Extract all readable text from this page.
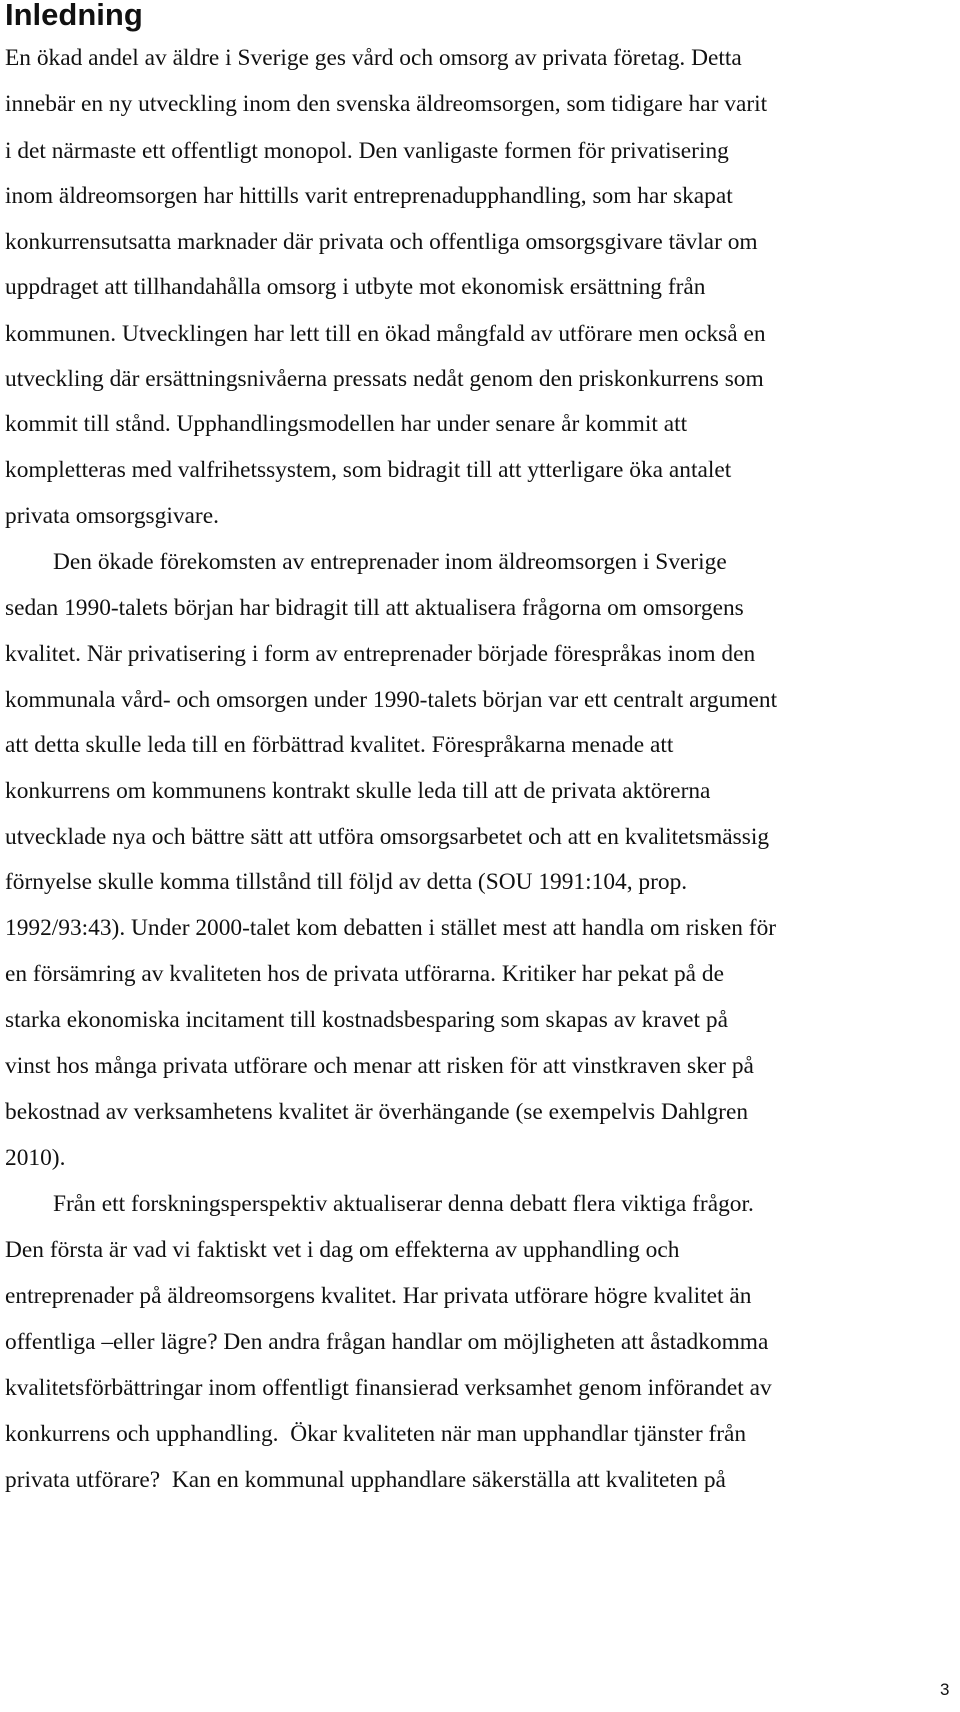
Inledning
En ökad andel av äldre i Sverige ges vård och omsorg av privata företag. Detta
innebär en ny utveckling inom den svenska äldreomsorgen, som tidigare har varit
i det närmaste ett offentligt monopol. Den vanligaste formen för privatisering
inom äldreomsorgen har hittills varit entreprenadupphandling, som har skapat
konkurrensutsatta marknader där privata och offentliga omsorgsgivare tävlar om
uppdraget att tillhandahålla omsorg i utbyte mot ekonomisk ersättning från
kommunen. Utvecklingen har lett till en ökad mångfald av utförare men också en
utveckling där ersättningsnivåerna pressats nedåt genom den priskonkurrens som
kommit till stånd. Upphandlingsmodellen har under senare år kommit att
kompletteras med valfrihetssystem, som bidragit till att ytterligare öka antalet
privata omsorgsgivare.
Den ökade förekomsten av entreprenader inom äldreomsorgen i Sverige
sedan 1990-talets början har bidragit till att aktualisera frågorna om omsorgens
kvalitet. När privatisering i form av entreprenader började förespråkas inom den
kommunala vård- och omsorgen under 1990-talets början var ett centralt argument
att detta skulle leda till en förbättrad kvalitet. Förespråkarna menade att
konkurrens om kommunens kontrakt skulle leda till att de privata aktörerna
utvecklade nya och bättre sätt att utföra omsorgsarbetet och att en kvalitetsmässig
förnyelse skulle komma tillstånd till följd av detta (SOU 1991:104, prop.
1992/93:43). Under 2000-talet kom debatten i stället mest att handla om risken för
en försämring av kvaliteten hos de privata utförarna. Kritiker har pekat på de
starka ekonomiska incitament till kostnadsbesparing som skapas av kravet på
vinst hos många privata utförare och menar att risken för att vinstkraven sker på
bekostnad av verksamhetens kvalitet är överhängande (se exempelvis Dahlgren
2010).
Från ett forskningsperspektiv aktualiserar denna debatt flera viktiga frågor.
Den första är vad vi faktiskt vet i dag om effekterna av upphandling och
entreprenader på äldreomsorgens kvalitet. Har privata utförare högre kvalitet än
offentliga –eller lägre? Den andra frågan handlar om möjligheten att åstadkomma
kvalitetsförbättringar inom offentligt finansierad verksamhet genom införandet av
konkurrens och upphandling.  Ökar kvaliteten när man upphandlar tjänster från
privata utförare?  Kan en kommunal upphandlare säkerställa att kvaliteten på
3
